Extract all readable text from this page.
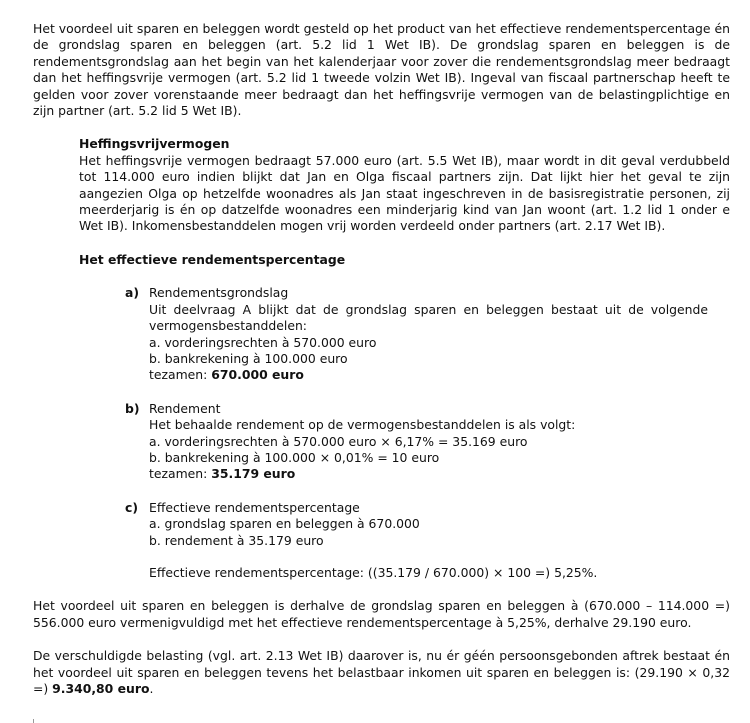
Het voordeel uit sparen en beleggen wordt gesteld op het product van het effectieve rendementspercentage én de grondslag sparen en beleggen (art. 5.2 lid 1 Wet IB). De grondslag sparen en beleggen is de rendementsgrondslag aan het begin van het kalenderjaar voor zover die rendementsgrondslag meer bedraagt dan het heffingsvrije vermogen (art. 5.2 lid 1 tweede volzin Wet IB). Ingeval van fiscaal partnerschap heeft te gelden voor zover vorenstaande meer bedraagt dan het heffingsvrije vermogen van de belastingplichtige en zijn partner (art. 5.2 lid 5 Wet IB).

Heffingsvrijvermogen

Het heffingsvrije vermogen bedraagt 57.000 euro (art. 5.5 Wet IB), maar wordt in dit geval verdubbeld tot 114.000 euro indien blijkt dat Jan en Olga fiscaal partners zijn. Dat lijkt hier het geval te zijn aangezien Olga op hetzelfde woonadres als Jan staat ingeschreven in de basisregistratie personen, zij meerderjarig is én op datzelfde woonadres een minderjarig kind van Jan woont (art. 1.2 lid 1 onder e Wet IB). Inkomensbestanddelen mogen vrij worden verdeeld onder partners (art. 2.17 Wet IB).

Het effectieve rendementspercentage

a) Rendementsgrondslag

Uit deelvraag A blijkt dat de grondslag sparen en beleggen bestaat uit de volgende vermogensbestanddelen:

a. vorderingsrechten à 570.000 euro

b. bankrekening à 100.000 euro

tezamen: 670.000 euro

b) Rendement

Het behaalde rendement op de vermogensbestanddelen is als volgt:

a. vorderingsrechten à 570.000 euro × 6,17% = 35.169 euro

b. bankrekening à 100.000 × 0,01% = 10 euro

tezamen: 35.179 euro

c) Effectieve rendementspercentage

a. grondslag sparen en beleggen à 670.000

b. rendement à 35.179 euro

Effectieve rendementspercentage: ((35.179 / 670.000) × 100 =) 5,25%.

Het voordeel uit sparen en beleggen is derhalve de grondslag sparen en beleggen à (670.000 – 114.000 =) 556.000 euro vermenigvuldigd met het effectieve rendementspercentage à 5,25%, derhalve 29.190 euro.

De verschuldigde belasting (vgl. art. 2.13 Wet IB) daarover is, nu ér géén persoonsgebonden aftrek bestaat én het voordeel uit sparen en beleggen tevens het belastbaar inkomen uit sparen en beleggen is: (29.190 × 0,32 =) 9.340,80 euro.
